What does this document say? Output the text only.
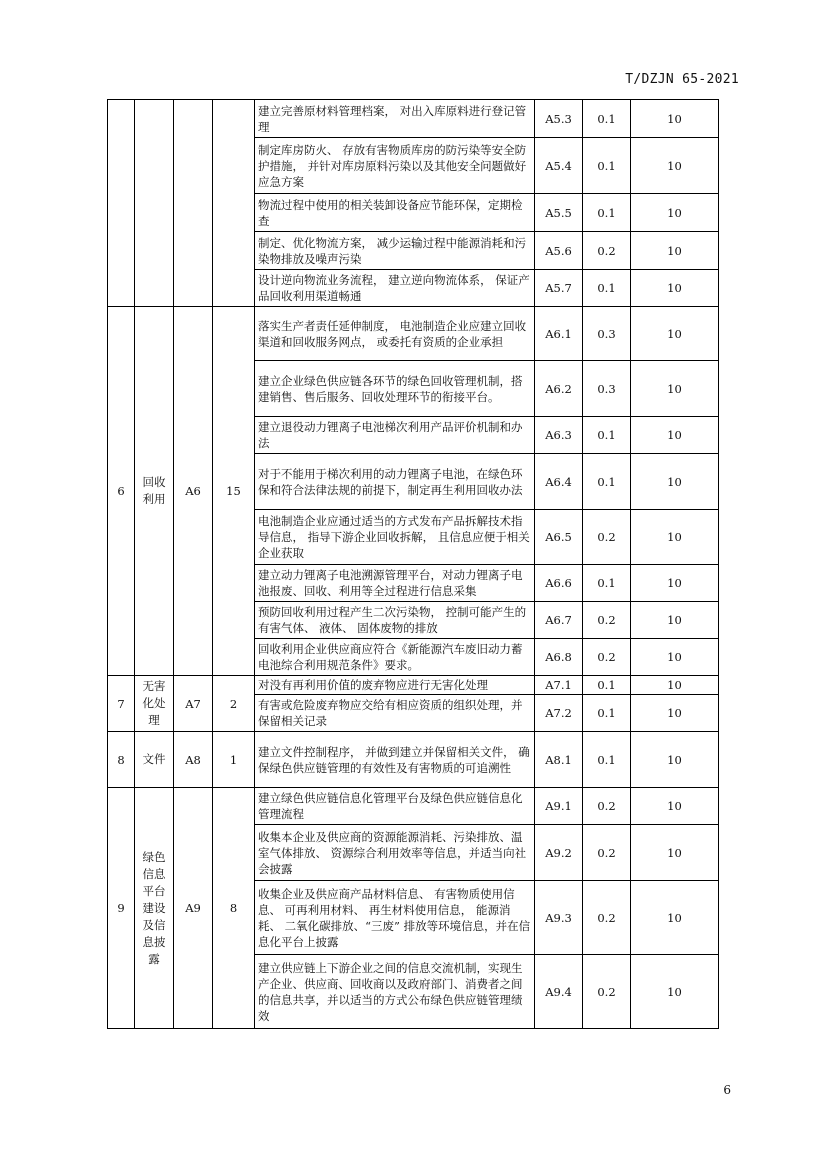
T/DZJN 65-2021
				建立完善原材料管理档案， 对出入库原料进行登记管理	A5.3	0.1	10
				制定库房防火、 存放有害物质库房的防污染等安全防护措施， 并针对库房原料污染以及其他安全问题做好应急方案	A5.4	0.1	10
				物流过程中使用的相关装卸设备应节能环保，定期检查	A5.5	0.1	10
				制定、优化物流方案， 减少运输过程中能源消耗和污染物排放及噪声污染	A5.6	0.2	10
				设计逆向物流业务流程， 建立逆向物流体系， 保证产品回收利用渠道畅通	A5.7	0.1	10
6	回收利用	A6	15	落实生产者责任延伸制度， 电池制造企业应建立回收渠道和回收服务网点， 或委托有资质的企业承担	A6.1	0.3	10
				建立企业绿色供应链各环节的绿色回收管理机制，搭建销售、售后服务、回收处理环节的衔接平台。	A6.2	0.3	10
				建立退役动力锂离子电池梯次利用产品评价机制和办法	A6.3	0.1	10
				对于不能用于梯次利用的动力锂离子电池，在绿色环保和符合法律法规的前提下，制定再生利用回收办法	A6.4	0.1	10
				电池制造企业应通过适当的方式发布产品拆解技术指导信息， 指导下游企业回收拆解， 且信息应便于相关企业获取	A6.5	0.2	10
				建立动力锂离子电池溯源管理平台，对动力锂离子电池报废、回收、利用等全过程进行信息采集	A6.6	0.1	10
				预防回收利用过程产生二次污染物， 控制可能产生的有害气体、 液体、 固体废物的排放	A6.7	0.2	10
				回收利用企业供应商应符合《新能源汽车废旧动力蓄电池综合利用规范条件》要求。	A6.8	0.2	10
7	无害化处理	A7	2	对没有再利用价值的废弃物应进行无害化处理	A7.1	0.1	10
				有害或危险废弃物应交给有相应资质的组织处理，并保留相关记录	A7.2	0.1	10
8	文件	A8	1	建立文件控制程序， 并做到建立并保留相关文件， 确保绿色供应链管理的有效性及有害物质的可追溯性	A8.1	0.1	10
9	绿色信息平台建设及信息披露	A9	8	建立绿色供应链信息化管理平台及绿色供应链信息化管理流程	A9.1	0.2	10
				收集本企业及供应商的资源能源消耗、污染排放、温室气体排放、 资源综合利用效率等信息，并适当向社会披露	A9.2	0.2	10
				收集企业及供应商产品材料信息、 有害物质使用信息、 可再利用材料、 再生材料使用信息， 能源消耗、 二氧化碳排放、“三废” 排放等环境信息，并在信息化平台上披露	A9.3	0.2	10
				建立供应链上下游企业之间的信息交流机制，实现生产企业、供应商、回收商以及政府部门、消费者之间的信息共享，并以适当的方式公布绿色供应链管理绩效	A9.4	0.2	10
6
